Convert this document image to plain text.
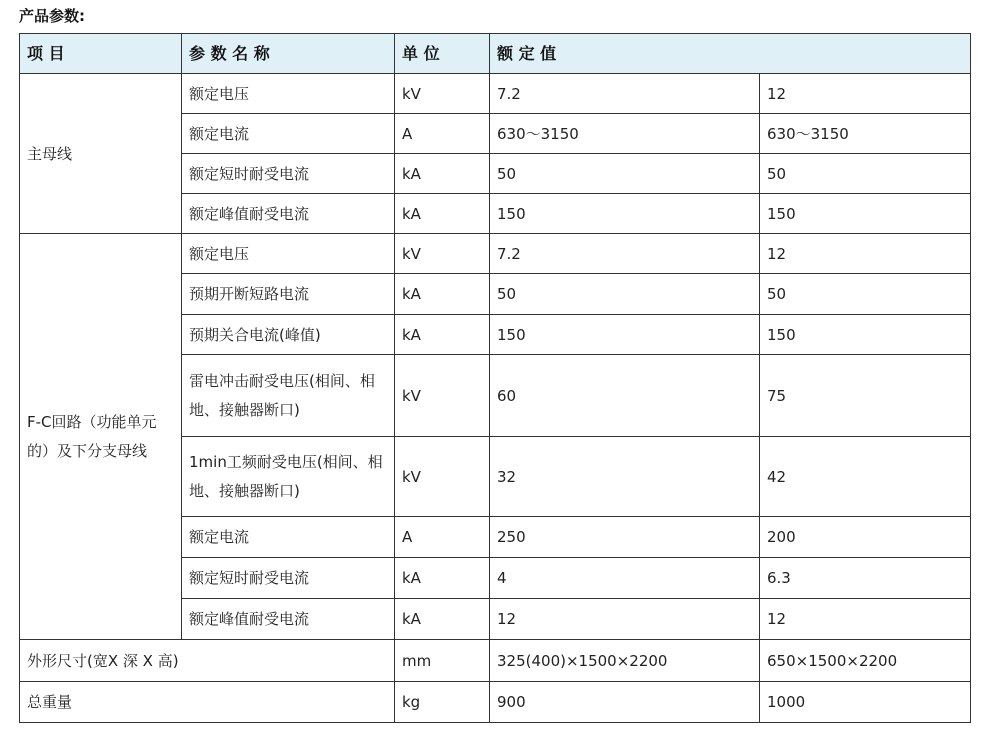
产品参数:
项 目	参 数 名 称	单 位	额 定 值	
主母线	额定电压	kV	7.2	12
	额定电流	A	630～3150	630～3150
	额定短时耐受电流	kA	50	50
	额定峰值耐受电流	kA	150	150
F-C回路（功能单元的）及下分支母线	额定电压	kV	7.2	12
	预期开断短路电流	kA	50	50
	预期关合电流(峰值)	kA	150	150
	雷电冲击耐受电压(相间、相地、接触器断口)	kV	60	75
	1min工频耐受电压(相间、相地、接触器断口)	kV	32	42
	额定电流	A	250	200
	额定短时耐受电流	kA	4	6.3
	额定峰值耐受电流	kA	12	12
外形尺寸(宽X 深 X 高)		mm	325(400)×1500×2200	650×1500×2200
总重量		kg	900	1000
